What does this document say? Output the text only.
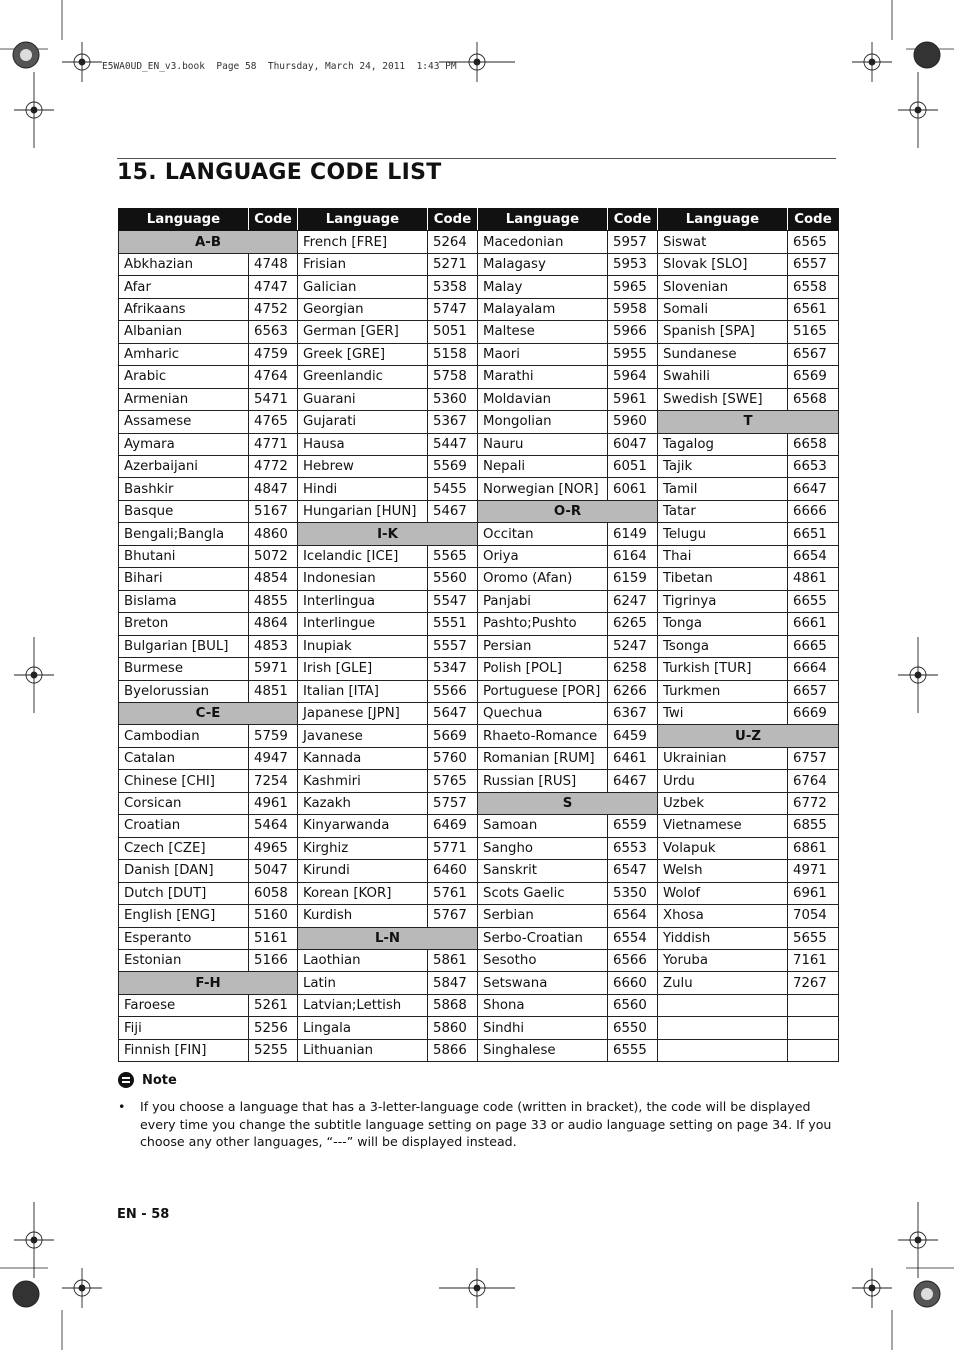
E5WA0UD_EN_v3.book  Page 58  Thursday, March 24, 2011  1:43 PM
15. LANGUAGE CODE LIST
Language	Code	Language	Code	Language	Code	Language	Code
A-B		French [FRE]	5264	Macedonian	5957	Siswat	6565
Abkhazian	4748	Frisian	5271	Malagasy	5953	Slovak [SLO]	6557
Afar	4747	Galician	5358	Malay	5965	Slovenian	6558
Afrikaans	4752	Georgian	5747	Malayalam	5958	Somali	6561
Albanian	6563	German [GER]	5051	Maltese	5966	Spanish [SPA]	5165
Amharic	4759	Greek [GRE]	5158	Maori	5955	Sundanese	6567
Arabic	4764	Greenlandic	5758	Marathi	5964	Swahili	6569
Armenian	5471	Guarani	5360	Moldavian	5961	Swedish [SWE]	6568
Assamese	4765	Gujarati	5367	Mongolian	5960	T	
Aymara	4771	Hausa	5447	Nauru	6047	Tagalog	6658
Azerbaijani	4772	Hebrew	5569	Nepali	6051	Tajik	6653
Bashkir	4847	Hindi	5455	Norwegian [NOR]	6061	Tamil	6647
Basque	5167	Hungarian [HUN]	5467	O-R		Tatar	6666
Bengali;Bangla	4860	I-K		Occitan	6149	Telugu	6651
Bhutani	5072	Icelandic [ICE]	5565	Oriya	6164	Thai	6654
Bihari	4854	Indonesian	5560	Oromo (Afan)	6159	Tibetan	4861
Bislama	4855	Interlingua	5547	Panjabi	6247	Tigrinya	6655
Breton	4864	Interlingue	5551	Pashto;Pushto	6265	Tonga	6661
Bulgarian [BUL]	4853	Inupiak	5557	Persian	5247	Tsonga	6665
Burmese	5971	Irish [GLE]	5347	Polish [POL]	6258	Turkish [TUR]	6664
Byelorussian	4851	Italian [ITA]	5566	Portuguese [POR]	6266	Turkmen	6657
C-E		Japanese [JPN]	5647	Quechua	6367	Twi	6669
Cambodian	5759	Javanese	5669	Rhaeto-Romance	6459	U-Z	
Catalan	4947	Kannada	5760	Romanian [RUM]	6461	Ukrainian	6757
Chinese [CHI]	7254	Kashmiri	5765	Russian [RUS]	6467	Urdu	6764
Corsican	4961	Kazakh	5757	S		Uzbek	6772
Croatian	5464	Kinyarwanda	6469	Samoan	6559	Vietnamese	6855
Czech [CZE]	4965	Kirghiz	5771	Sangho	6553	Volapuk	6861
Danish [DAN]	5047	Kirundi	6460	Sanskrit	6547	Welsh	4971
Dutch [DUT]	6058	Korean [KOR]	5761	Scots Gaelic	5350	Wolof	6961
English [ENG]	5160	Kurdish	5767	Serbian	6564	Xhosa	7054
Esperanto	5161	L-N		Serbo-Croatian	6554	Yiddish	5655
Estonian	5166	Laothian	5861	Sesotho	6566	Yoruba	7161
F-H		Latin	5847	Setswana	6660	Zulu	7267
Faroese	5261	Latvian;Lettish	5868	Shona	6560		
Fiji	5256	Lingala	5860	Sindhi	6550		
Finnish [FIN]	5255	Lithuanian	5866	Singhalese	6555		
Note
• If you choose a language that has a 3-letter-language code (written in bracket), the code will be displayed every time you change the subtitle language setting on page 33 or audio language setting on page 34. If you choose any other languages, “---” will be displayed instead.
EN - 58
